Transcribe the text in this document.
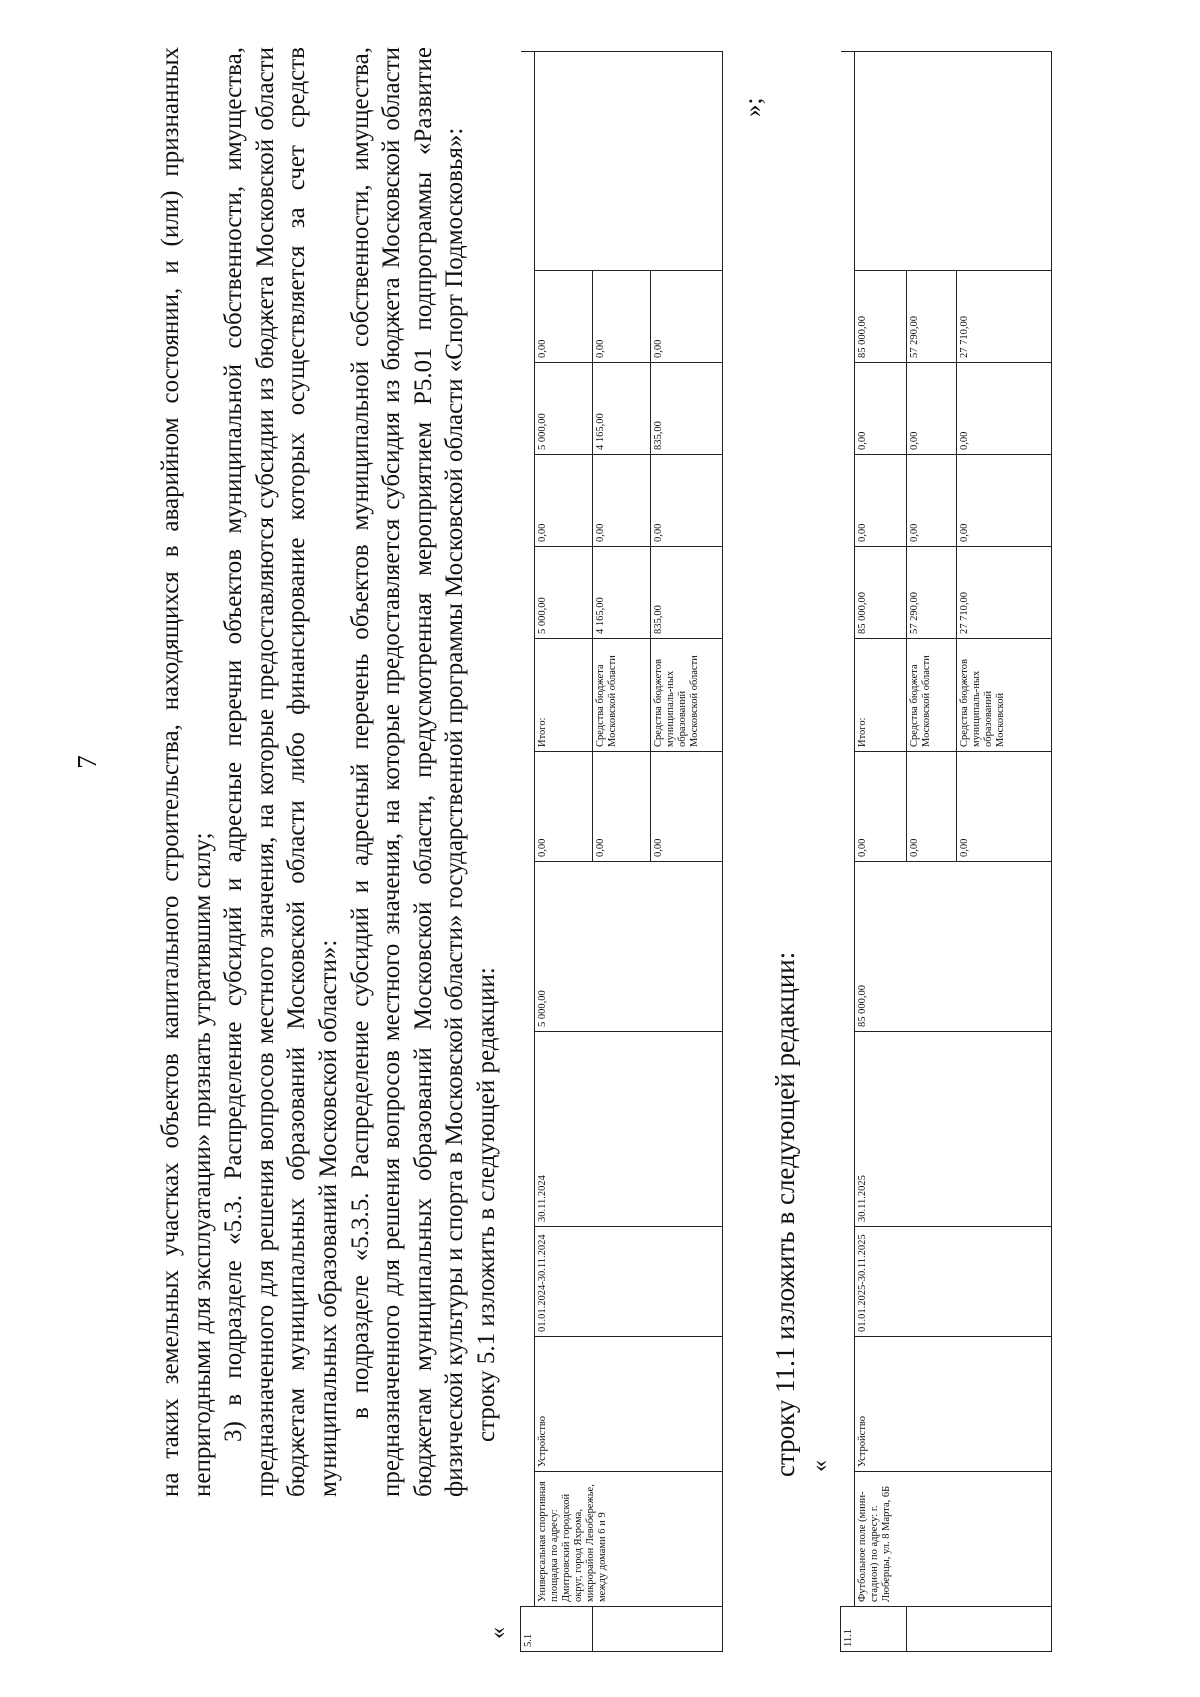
7 на таких земельных участках объектов капитального строительства, находящихся в аварийном состоянии, и (или) признанных непригодными для эксплуатации» признать утратившим силу; 3) в подразделе «5.3. Распределение субсидий и адресные перечни объектов муниципальной собственности, имущества, предназначенного для решения вопросов местного значения, на которые предоставляются субсидии из бюджета Московской области бюджетам муниципальных образований Московской области либо финансирование которых осуществляется за счет средств муниципальных образований Московской области»: в подразделе «5.3.5. Распределение субсидий и адресный перечень объектов муниципальной собственности, имущества, предназначенного для решения вопросов местного значения, на которые предоставляется субсидия из бюджета Московской области бюджетам муниципальных образований Московской области, предусмотренная мероприятием Р5.01 подпрограммы «Развитие физической культуры и спорта в Московской области» государственной программы Московской области «Спорт Подмосковья»: строку 5.1 изложить в следующей редакции:

«
5.1												
	Универсальная спортивная площадка по адресу: Дмитровский городской округ, город Яхрома, микрорайон Левобережье, между домами 6 и 9	Устройство	01.01.2024-30.11.2024	30.11.2024	5 000,00	0,00	Итого:	5 000,00	0,00	5 000,00	0,00	
						0,00	Средства бюджета Московской области	4 165,00	0,00	4 165,00	0,00	
						0,00	Средства бюджетов муниципаль-ных образований Московской области	835,00	0,00	835,00	0,00	
»;
строку 11.1 изложить в следующей редакции: «
11.1												
	Футбольное поле (мини-стадион) по адресу: г. Люберцы, ул. 8 Марта, 6Б	Устройство	01.01.2025-30.11.2025	30.11.2025	85 000,00	0,00	Итого:	85 000,00	0,00	0,00	85 000,00	
						0,00	Средства бюджета Московской области	57 290,00	0,00	0,00	57 290,00	
						0,00	Средства бюджетов муниципаль-ных образований Московской	27 710,00	0,00	0,00	27 710,00	
